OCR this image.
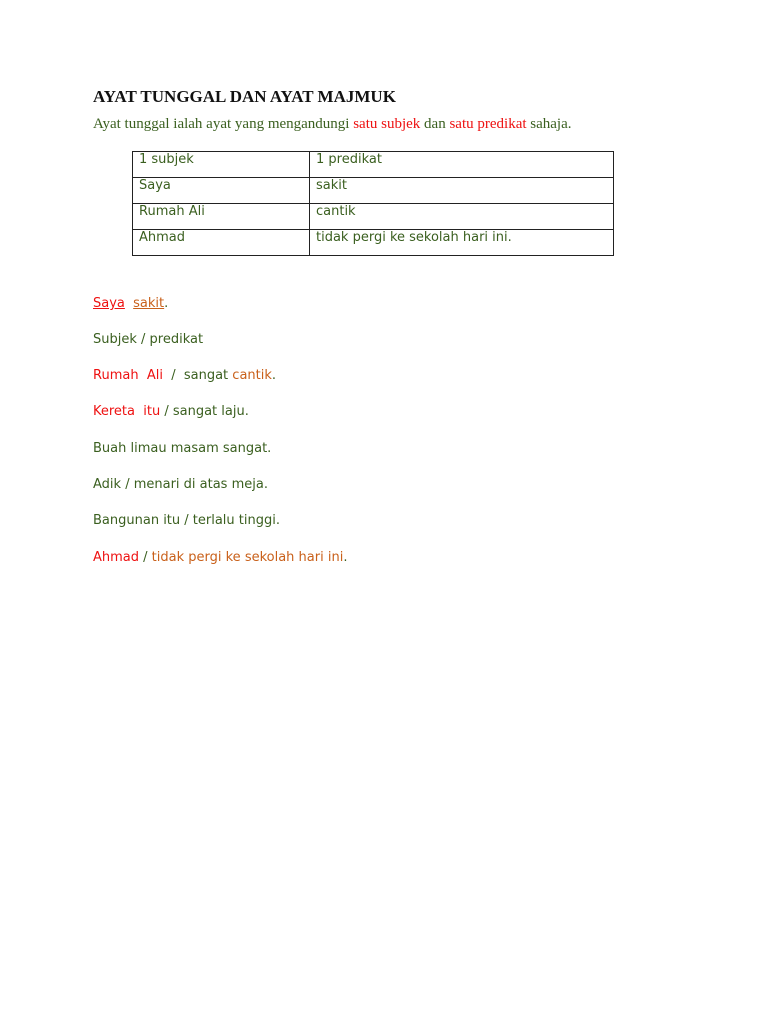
AYAT TUNGGAL DAN AYAT MAJMUK

Ayat tunggal ialah ayat yang mengandungi satu subjek dan satu predikat sahaja.

1 subjek	1 predikat
Saya	sakit
Rumah Ali	cantik
Ahmad	tidak pergi ke sekolah hari ini.

Saya sakit.

Subjek / predikat

Rumah  Ali  /  sangat cantik.

Kereta  itu / sangat laju.

Buah limau masam sangat.

Adik / menari di atas meja.

Bangunan itu / terlalu tinggi.

Ahmad / tidak pergi ke sekolah hari ini.
